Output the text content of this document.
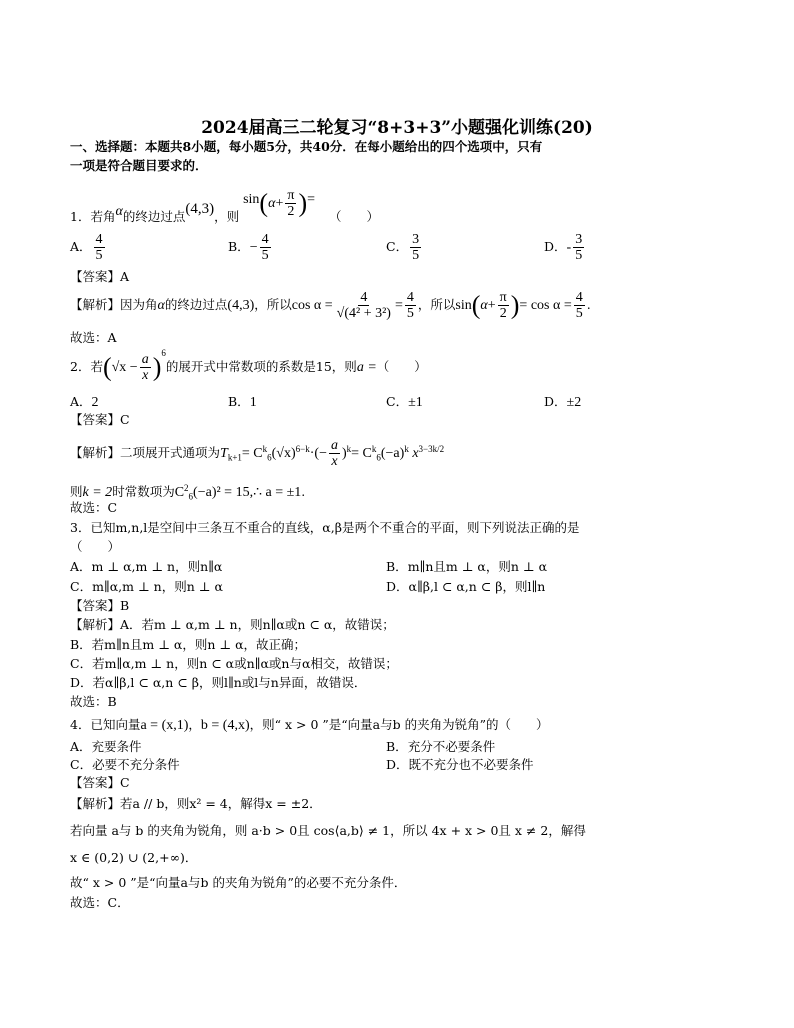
2024届高三二轮复习“8+3+3”小题强化训练(20)
一、选择题：本题共8小题，每小题5分，共40分．在每小题给出的四个选项中，只有
一项是符合题目要求的．
1．若角α的终边过点(4,3)，则 $\sin(\alpha+ \frac{\pi}{2}$ )= （　　）
A． $\frac{4}{5}$	B．− $\frac{4}{5}$	C． $\frac{3}{5}$	D．- $\frac{3}{5}$
【答案】A
【解析】因为角α的终边过点(4,3)，所以$\cos \alpha = \frac{4}{\text{√(4² + 3²)}} = \frac{4}{5}$ ，所以$\sin(\alpha+ \frac{\pi}{2}$ )= $\cos \alpha = \frac{4}{5}$ .
故选：A
2．若$(√x - \frac{a}{x} )^6$的展开式中常数项的系数是15，则a =（　　）
A．2	B．1	C．±1	D．±2
【答案】C
【解析】二项展开式通项为$T_{k+1}= C^k_6(√x)^{6-k}\cdot(- \frac{a}{x} )^k= C^k_6(-a)^k$ $x^{3-3k/2}$
则k = 2时常数项为$C^2_6(-a)^2$ = 15,∴ a = ±1.
故选：C
3．已知m,n,l是空间中三条互不重合的直线，α,β是两个不重合的平面，则下列说法正确的是
（　　）
A．m ⊥ α,m ⊥ n，则n∥α	B．m∥n且m ⊥ α，则n ⊥ α
C．m∥α,m ⊥ n，则n ⊥ α	D．α∥β,l ⊂ α,n ⊂ β，则l∥n
【答案】B
【解析】A．若m ⊥ α,m ⊥ n，则n∥α或n ⊂ α，故错误；
B．若m∥n且m ⊥ α，则n ⊥ α，故正确；
C．若m∥α,m ⊥ n，则n ⊂ α或n∥α或n与α相交，故错误；
D．若α∥β,l ⊂ α,n ⊂ β，则l∥n或l与n异面，故错误．
故选：B
4．已知向量a = (x,1)，b = (4,x)，则“ x > 0 ”是“向量a与b 的夹角为锐角”的（　　）
A．充要条件	B．充分不必要条件
C．必要不充分条件	D．既不充分也不必要条件
【答案】C
【解析】若a // b，则x² = 4，解得x = ±2．
若向量 a与 b 的夹角为锐角，则 a·b > 0且 cos⟨a,b⟩ ≠ 1，所以 4x + x > 0且 x ≠ 2，解得
x ∈ (0,2) ∪ (2,+∞)．
故“ x > 0 ”是“向量a与b 的夹角为锐角”的必要不充分条件．
故选：C．
